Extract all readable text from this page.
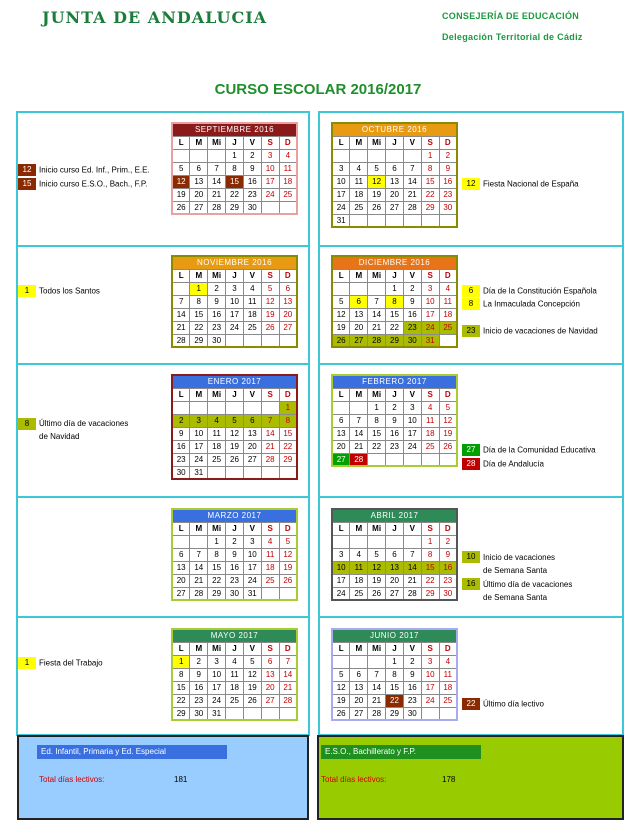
JUNTA DE ANDALUCIA	CONSEJERÍA DE EDUCACIÓN
Delegación Territorial de Cádiz
CURSO ESCOLAR 2016/2017
SEPTIEMBRE 2016						
L	M	Mi	J	V	S	D
			1	2	3	4
5	6	7	8	9	10	11
12	13	14	15	16	17	18
19	20	21	22	23	24	25
26	27	28	29	30		
OCTUBRE 2016						
L	M	Mi	J	V	S	D
					1	2
3	4	5	6	7	8	9
10	11	12	13	14	15	16
17	18	19	20	21	22	23
24	25	26	27	28	29	30
31						
NOVIEMBRE 2016						
L	M	Mi	J	V	S	D
	1	2	3	4	5	6
7	8	9	10	11	12	13
14	15	16	17	18	19	20
21	22	23	24	25	26	27
28	29	30				
DICIEMBRE 2016						
L	M	Mi	J	V	S	D
			1	2	3	4
5	6	7	8	9	10	11
12	13	14	15	16	17	18
19	20	21	22	23	24	25
26	27	28	29	30	31	
ENERO 2017						
L	M	Mi	J	V	S	D
						1
2	3	4	5	6	7	8
9	10	11	12	13	14	15
16	17	18	19	20	21	22
23	24	25	26	27	28	29
30	31					
FEBRERO 2017						
L	M	Mi	J	V	S	D
		1	2	3	4	5
6	7	8	9	10	11	12
13	14	15	16	17	18	19
20	21	22	23	24	25	26
27	28					
MARZO 2017						
L	M	Mi	J	V	S	D
		1	2	3	4	5
6	7	8	9	10	11	12
13	14	15	16	17	18	19
20	21	22	23	24	25	26
27	28	29	30	31		
ABRIL 2017						
L	M	Mi	J	V	S	D
					1	2
3	4	5	6	7	8	9
10	11	12	13	14	15	16
17	18	19	20	21	22	23
24	25	26	27	28	29	30
MAYO 2017						
L	M	Mi	J	V	S	D
1	2	3	4	5	6	7
8	9	10	11	12	13	14
15	16	17	18	19	20	21
22	23	24	25	26	27	28
29	30	31				
JUNIO 2017						
L	M	Mi	J	V	S	D
			1	2	3	4
5	6	7	8	9	10	11
12	13	14	15	16	17	18
19	20	21	22	23	24	25
26	27	28	29	30		
12 Inicio curso Ed. Inf., Prim., E.E.
15 Inicio curso E.S.O., Bach., F.P.	12 Fiesta Nacional de España
1 Todos los Santos	6 Día de la Constitución Española
8 La Inmaculada Concepción
23 Inicio de vacaciones de Navidad
8	Último día de vacaciones
de Navidad
27 Día de la Comunidad Educativa
28 Día de Andalucía
10 Inicio de vacaciones
de Semana Santa
16 Último día de vacaciones
de Semana Santa
1 Fiesta del Trabajo
22 Último día lectivo
Ed. Infantil, Primaria y Ed. Especial
Total días lectivos:	181
E.S.O., Bachillerato y F.P.
Total días lectivos:	178
